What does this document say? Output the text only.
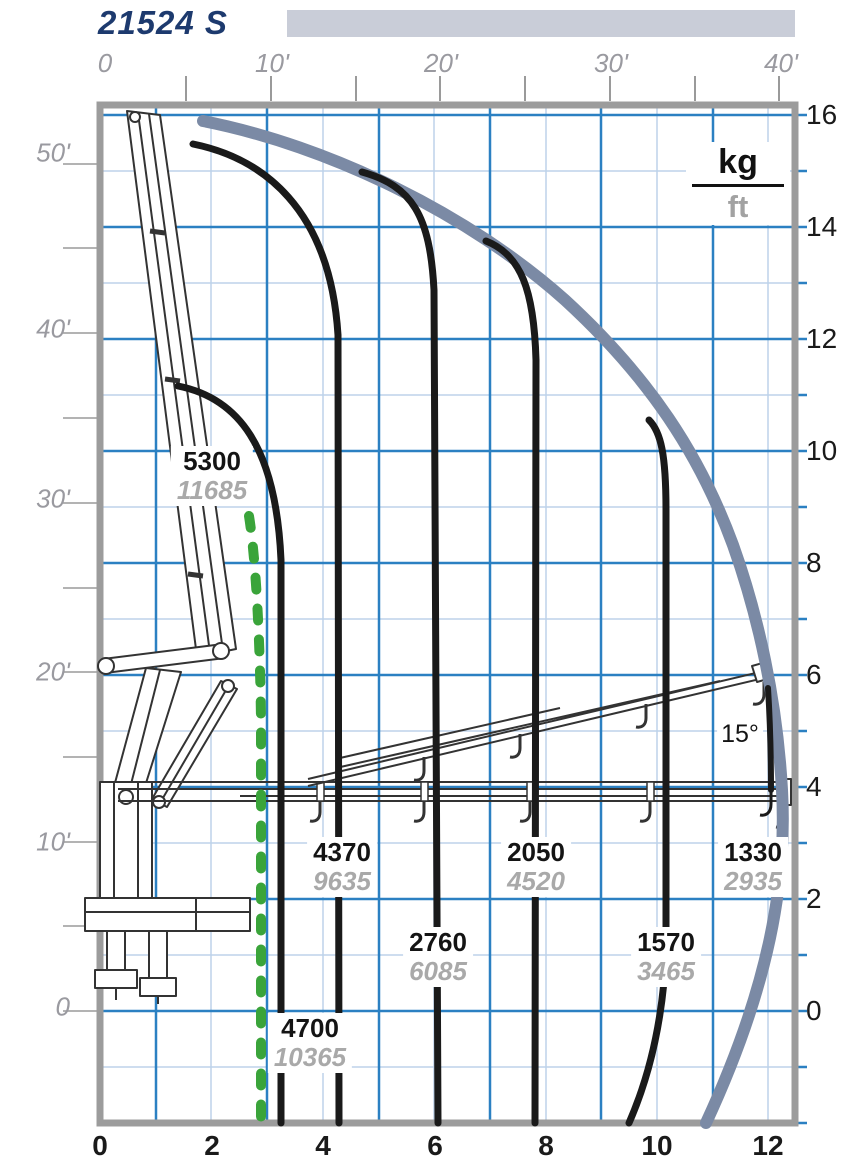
21524 S
0	10'	20'	30'	40'
50'
40'
30'
20'
10'
0
16
14
12
10
8
6
4
2
0
0	2	4	6	8	10	12
kg
ft
5300
11685
4700
10365
4370
9635
2760
6085
2050
4520
1570
3465
1330
2935
15°
